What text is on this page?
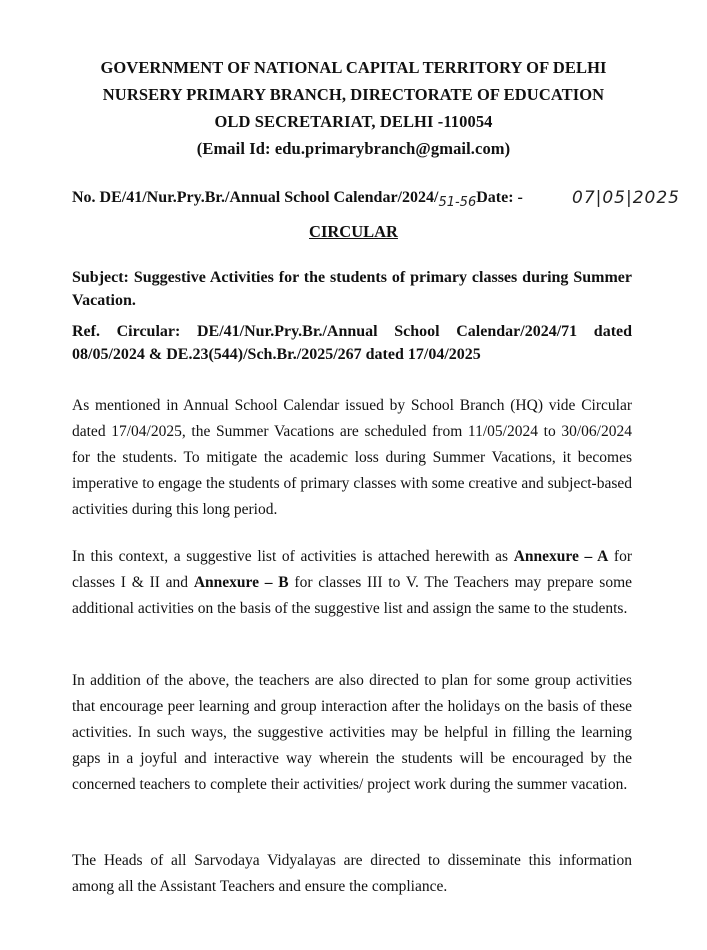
GOVERNMENT OF NATIONAL CAPITAL TERRITORY OF DELHI
NURSERY PRIMARY BRANCH, DIRECTORATE OF EDUCATION
OLD SECRETARIAT, DELHI -110054
(Email Id: edu.primarybranch@gmail.com)
No. DE/41/Nur.Pry.Br./Annual School Calendar/2024/51-56Date: -	07|05|2025
CIRCULAR
Subject: Suggestive Activities for the students of primary classes during Summer Vacation.
Ref. Circular: DE/41/Nur.Pry.Br./Annual School Calendar/2024/71 dated 08/05/2024 & DE.23(544)/Sch.Br./2025/267 dated 17/04/2025
As mentioned in Annual School Calendar issued by School Branch (HQ) vide Circular dated 17/04/2025, the Summer Vacations are scheduled from 11/05/2024 to 30/06/2024 for the students. To mitigate the academic loss during Summer Vacations, it becomes imperative to engage the students of primary classes with some creative and subject-based activities during this long period.
In this context, a suggestive list of activities is attached herewith as Annexure – A for classes I & II and Annexure – B for classes III to V. The Teachers may prepare some additional activities on the basis of the suggestive list and assign the same to the students.
In addition of the above, the teachers are also directed to plan for some group activities that encourage peer learning and group interaction after the holidays on the basis of these activities. In such ways, the suggestive activities may be helpful in filling the learning gaps in a joyful and interactive way wherein the students will be encouraged by the concerned teachers to complete their activities/ project work during the summer vacation.
The Heads of all Sarvodaya Vidyalayas are directed to disseminate this information among all the Assistant Teachers and ensure the compliance.
